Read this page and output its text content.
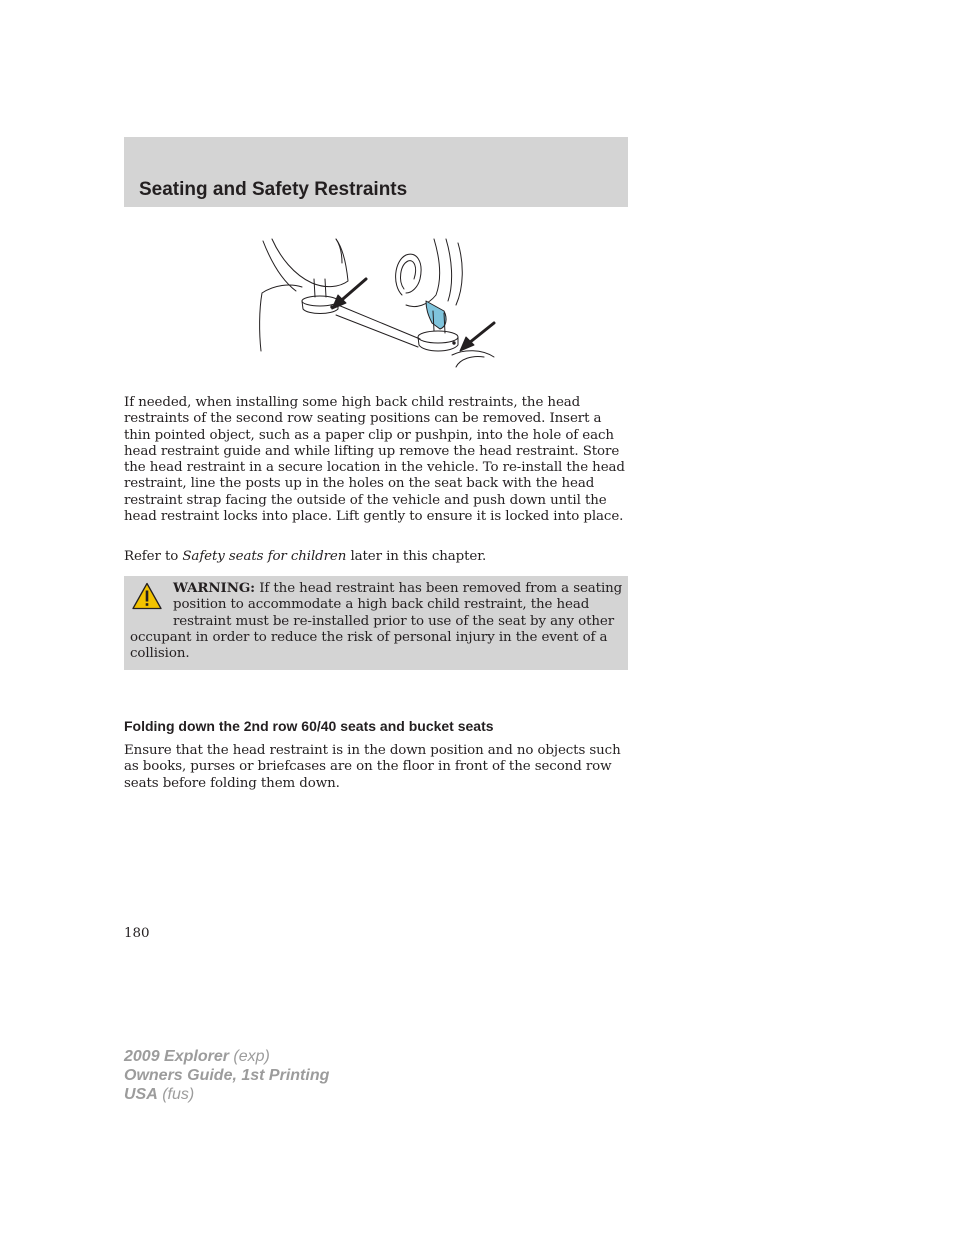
Seating and Safety Restraints

If needed, when installing some high back child restraints, the head restraints of the second row seating positions can be removed. Insert a thin pointed object, such as a paper clip or pushpin, into the hole of each head restraint guide and while lifting up remove the head restraint. Store the head restraint in a secure location in the vehicle. To re-install the head restraint, line the posts up in the holes on the seat back with the head restraint strap facing the outside of the vehicle and push down until the head restraint locks into place. Lift gently to ensure it is locked into place.

Refer to Safety seats for children later in this chapter.

WARNING: If the head restraint has been removed from a seating position to accommodate a high back child restraint, the head restraint must be re-installed prior to use of the seat by any other occupant in order to reduce the risk of personal injury in the event of a collision.

Folding down the 2nd row 60/40 seats and bucket seats

Ensure that the head restraint is in the down position and no objects such as books, purses or briefcases are on the floor in front of the second row seats before folding them down.

180
2009 Explorer (exp)
Owners Guide, 1st Printing
USA (fus)
